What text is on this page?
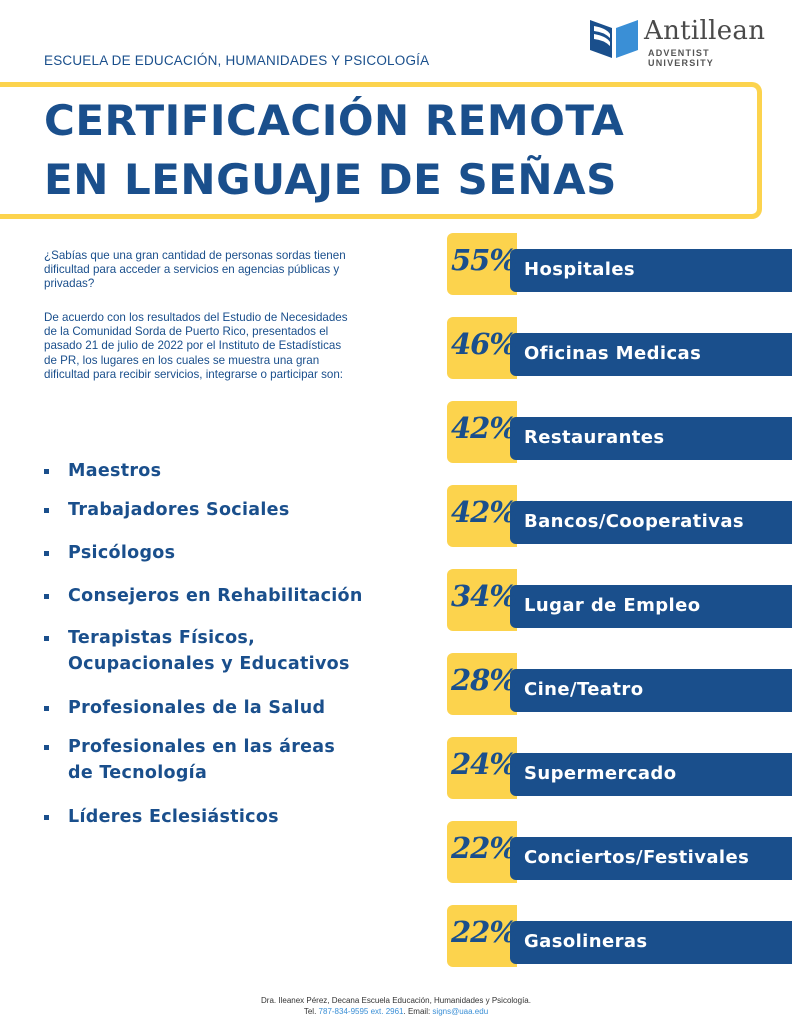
ESCUELA DE EDUCACIÓN, HUMANIDADES Y PSICOLOGÍA
Antillean
ADVENTIST UNIVERSITY
CERTIFICACIÓN REMOTA
EN LENGUAJE DE SEÑAS

¿Sabías que una gran cantidad de personas sordas tienen dificultad para acceder a servicios en agencias públicas y privadas?

De acuerdo con los resultados del Estudio de Necesidades de la Comunidad Sorda de Puerto Rico, presentados el pasado 21 de julio de 2022 por el Instituto de Estadísticas de PR, los lugares en los cuales se muestra una gran dificultad para recibir servicios, integrarse o participar son:

Maestros
Trabajadores Sociales
Psicólogos
Consejeros en Rehabilitación
Terapistas Físicos,
Ocupacionales y Educativos
Profesionales de la Salud
Profesionales en las áreas
de Tecnología
Líderes Eclesiásticos
Hospitales
55%
Oficinas Medicas
46%
Restaurantes
42%
Bancos/Cooperativas
42%
Lugar de Empleo
34%
Cine/Teatro
28%
Supermercado
24%
Conciertos/Festivales
22%
Gasolineras
22%
Dra. Ileanex Pérez, Decana Escuela Educación, Humanidades y Psicología.
Tel. 787-834-9595 ext. 2961. Email: signs@uaa.edu
